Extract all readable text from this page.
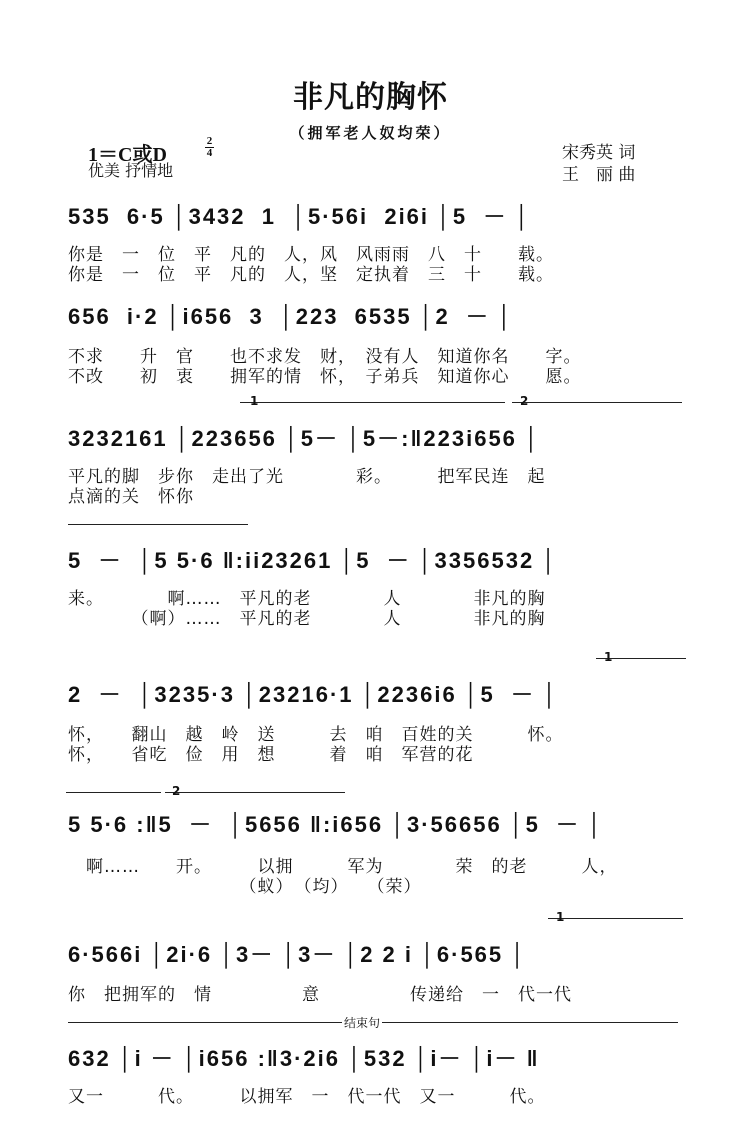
非凡的胸怀
（拥军老人奴均荣）
1＝C或D
2
4
优美 抒情地
宋秀英 词
王　丽 曲
535  6·5 │3432  1  │5·56i  2i6i │5  － │
你是　一　位　平　凡的　人，风　风雨雨　八　十　　载。
你是　一　位　平　凡的　人，坚　定执着　三　十　　载。
656  i·2 │i656  3  │223  6535 │2  － │
不求　　升　官　　也不求发　财，　没有人　知道你名　　字。
不改　　初　衷　　拥军的情　怀，　子弟兵　知道你心　　愿。
1	2
3232161 │223656 │5－ │5－:‖223i656 │
平凡的脚　步你　走出了光　　　　彩。　　　把军民连　起
点滴的关　怀你
5  －  │5 5·6 ‖:ii23261 │5  － │3356532 │
来。　　　　啊……　平凡的老　　　　人　　　　非凡的胸
　　　　（啊）……　平凡的老　　　　人　　　　非凡的胸
1
2  －  │3235·3 │23216·1 │2236i6 │5  － │
怀，　　翻山　越　岭　送　　　去　咱　百姓的关　　　怀。
怀，　　省吃　俭　用　想　　　着　咱　军营的花
2
5 5·6 :‖5  －  │5656 ‖:i656 │3·56656 │5  － │
　啊……　　开。　　　以拥　　　军为　　　　荣　的老　　　人，
　　　　　　　　　　（蚁）　（均）　　（荣）
1
6·566i │2i·6 │3－ │3－ │2 2 i │6·565 │
你　把拥军的　情　　　　　意　　　　　传递给　一　代一代
结束句
632 │i － │i656 :‖3·2i6 │532 │i－ │i－ ‖
又一　　　代。　　　以拥军　一　代一代　又一　　　代。
